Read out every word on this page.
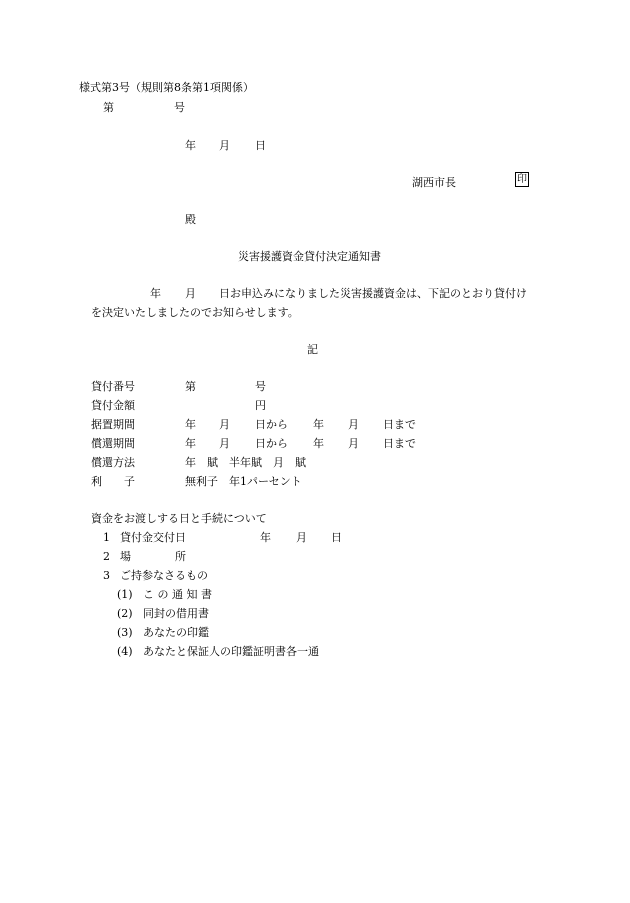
様式第3号（規則第8条第1項関係）
第	号
年 月 日
湖西市長	印
殿
災害援護資金貸付決定通知書
年 月 日お申込みになりました災害援護資金は、下記のとおり貸付け
を決定いたしましたのでお知らせします。
記
貸付番号	第	号
貸付金額	円
据置期間	年 月 日から 年 月 日まで
償還期間	年 月 日から 年 月 日まで
償還方法	年　賦　半年賦　月　賦
利　　子	無利子　年1パーセント
資金をお渡しする日と手続について
1 貸付金交付日	年 月 日
2 場　　　　所
3 ご持参なさるもの
(1) こ の 通 知 書
(2) 同封の借用書
(3) あなたの印鑑
(4) あなたと保証人の印鑑証明書各一通
